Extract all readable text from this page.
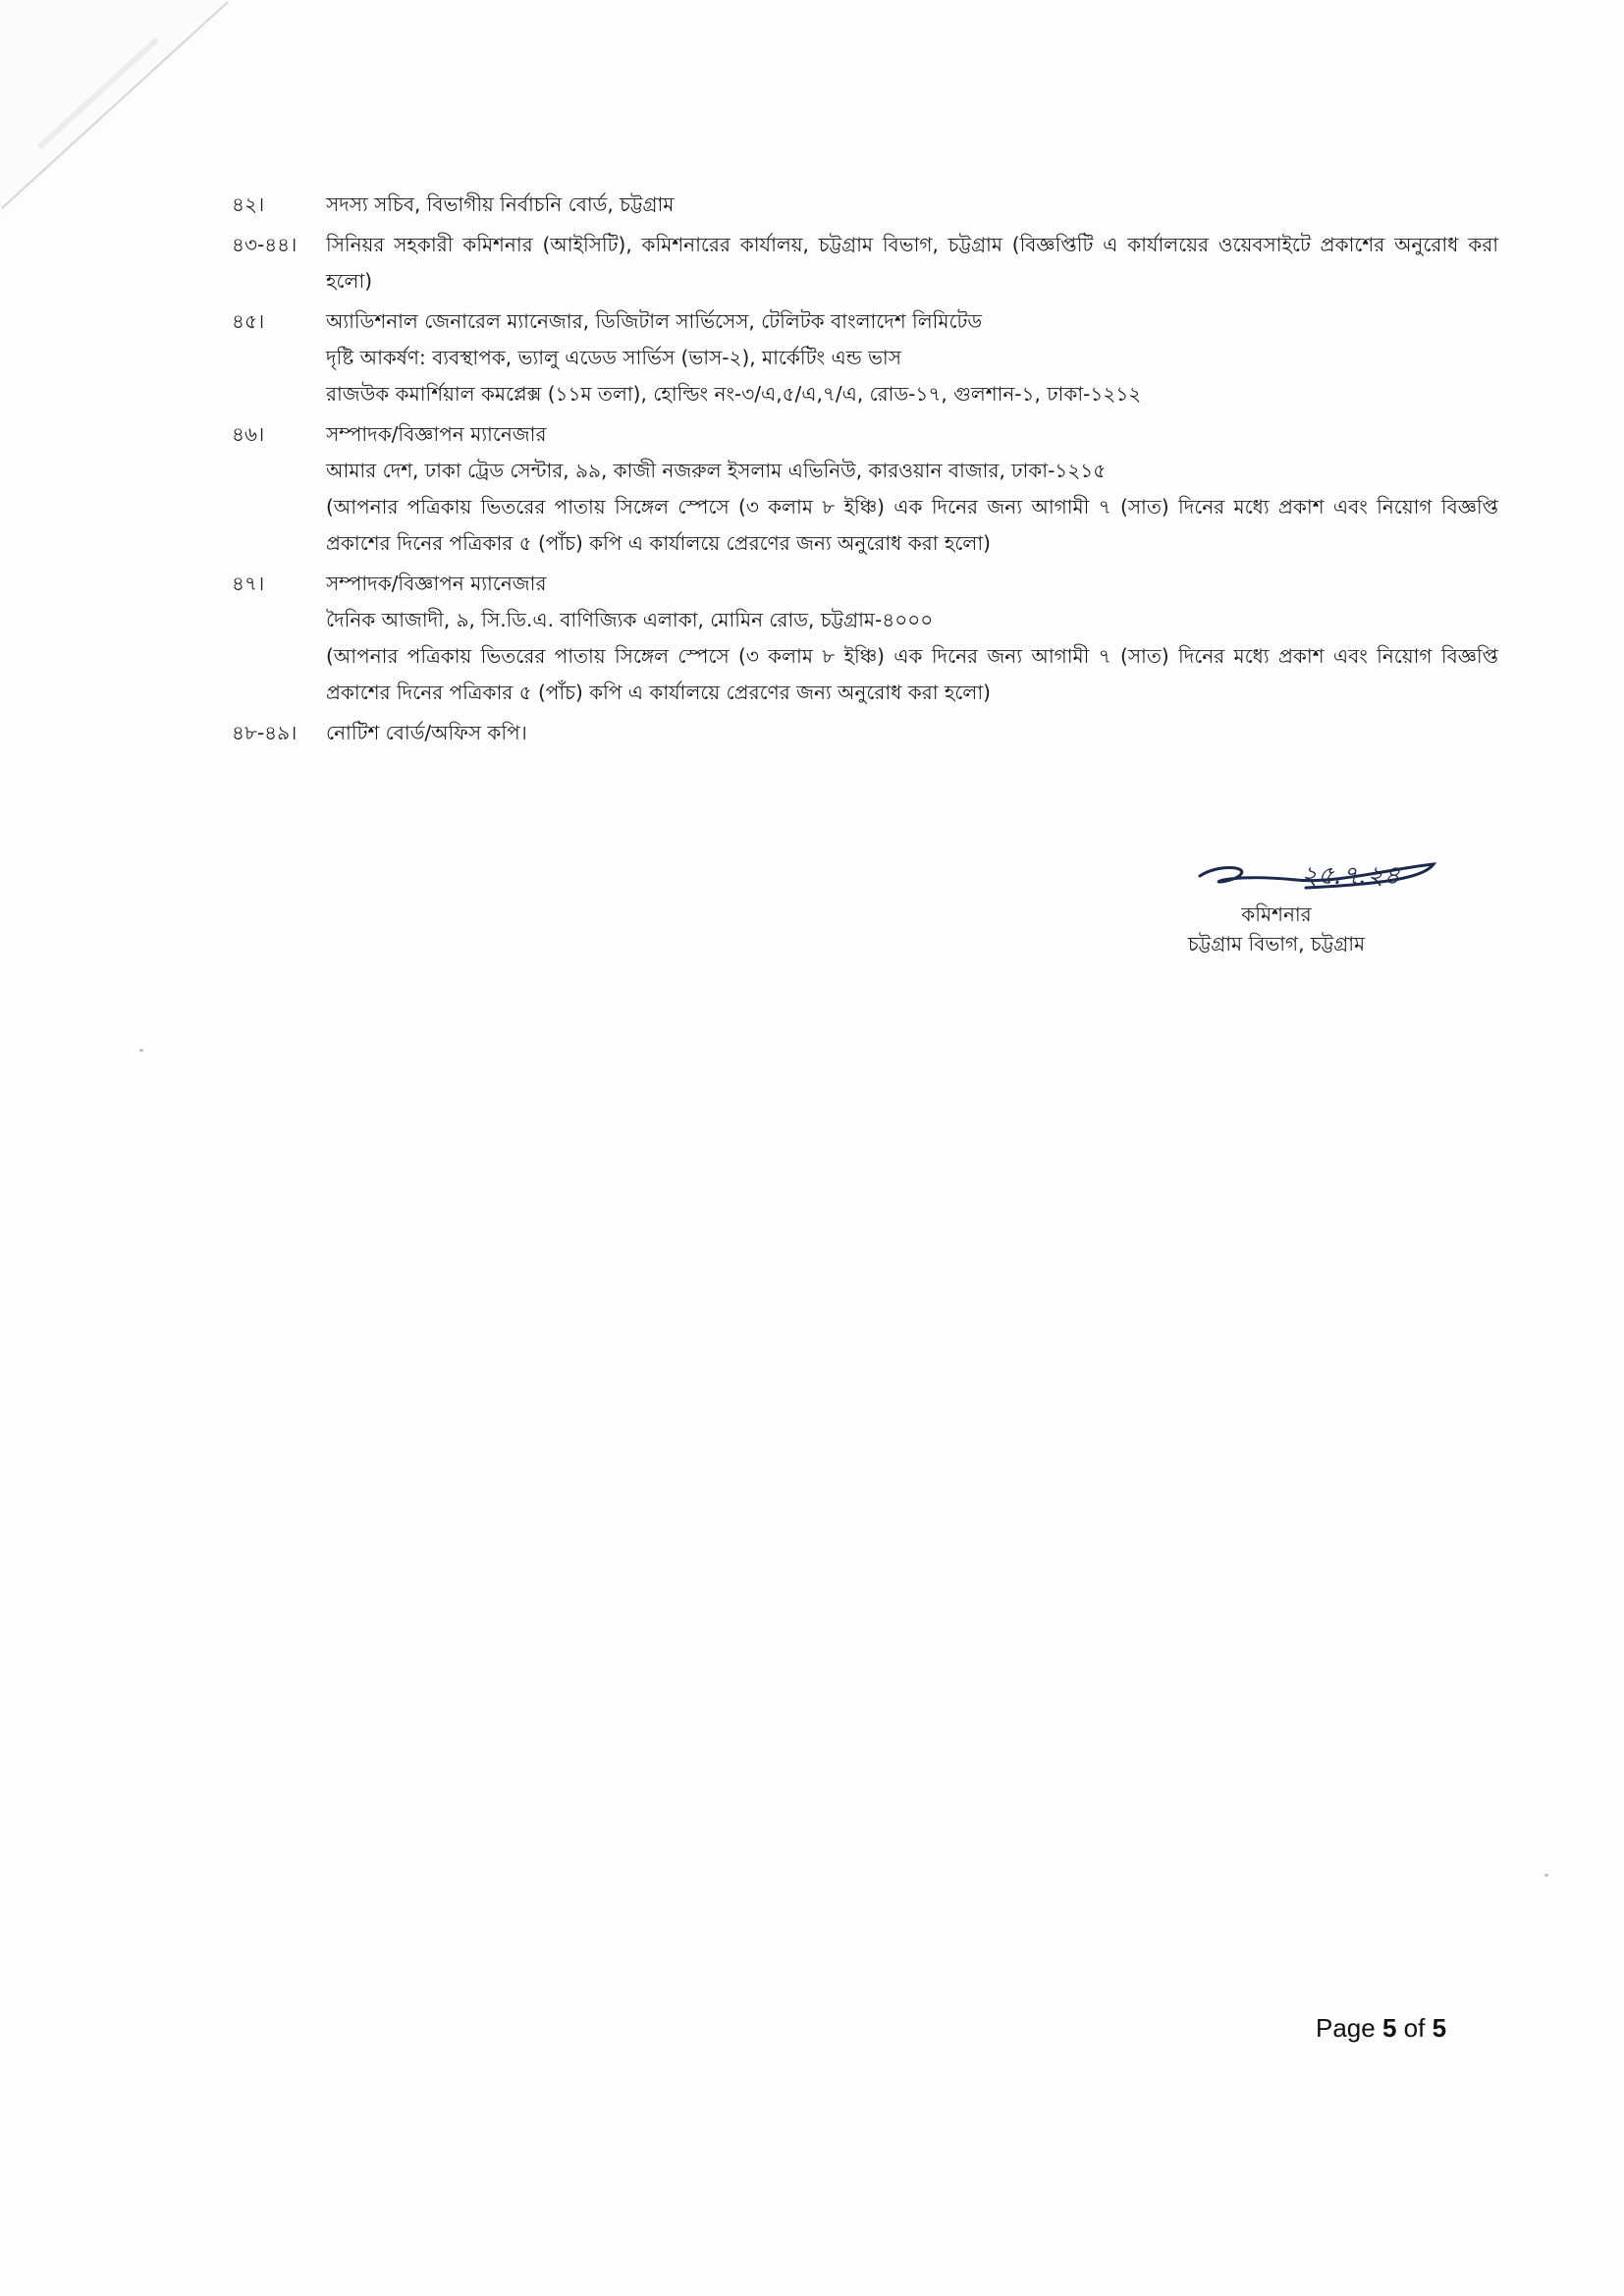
৪২।	সদস্য সচিব, বিভাগীয় নির্বাচনি বোর্ড, চট্টগ্রাম
৪৩-৪৪।	সিনিয়র সহকারী কমিশনার (আইসিটি), কমিশনারের কার্যালয়, চট্টগ্রাম বিভাগ, চট্টগ্রাম (বিজ্ঞপ্তিটি এ কার্যালয়ের ওয়েবসাইটে প্রকাশের অনুরোধ করা হলো)
৪৫।	অ্যাডিশনাল জেনারেল ম্যানেজার, ডিজিটাল সার্ভিসেস, টেলিটক বাংলাদেশ লিমিটেড
দৃষ্টি আকর্ষণ: ব্যবস্থাপক, ভ্যালু এডেড সার্ভিস (ভাস-২), মার্কেটিং এন্ড ভাস
রাজউক কমার্শিয়াল কমপ্লেক্স (১১ম তলা), হোল্ডিং নং-৩/এ,৫/এ,৭/এ, রোড-১৭, গুলশান-১, ঢাকা-১২১২
৪৬।	সম্পাদক/বিজ্ঞাপন ম্যানেজার
আমার দেশ, ঢাকা ট্রেড সেন্টার, ৯৯, কাজী নজরুল ইসলাম এভিনিউ, কারওয়ান বাজার, ঢাকা-১২১৫
(আপনার পত্রিকায় ভিতরের পাতায় সিঙ্গেল স্পেসে (৩ কলাম ৮ ইঞ্চি) এক দিনের জন্য আগামী ৭ (সাত) দিনের মধ্যে প্রকাশ এবং নিয়োগ বিজ্ঞপ্তি প্রকাশের দিনের পত্রিকার ৫ (পাঁচ) কপি এ কার্যালয়ে প্রেরণের জন্য অনুরোধ করা হলো)
৪৭।	সম্পাদক/বিজ্ঞাপন ম্যানেজার
দৈনিক আজাদী, ৯, সি.ডি.এ. বাণিজ্যিক এলাকা, মোমিন রোড, চট্টগ্রাম-৪০০০
(আপনার পত্রিকায় ভিতরের পাতায় সিঙ্গেল স্পেসে (৩ কলাম ৮ ইঞ্চি) এক দিনের জন্য আগামী ৭ (সাত) দিনের মধ্যে প্রকাশ এবং নিয়োগ বিজ্ঞপ্তি প্রকাশের দিনের পত্রিকার ৫ (পাঁচ) কপি এ কার্যালয়ে প্রেরণের জন্য অনুরোধ করা হলো)
৪৮-৪৯।	নোটিশ বোর্ড/অফিস কপি।
২৫.৭.২৪
কমিশনার
চট্টগ্রাম বিভাগ, চট্টগ্রাম
Page 5 of 5
